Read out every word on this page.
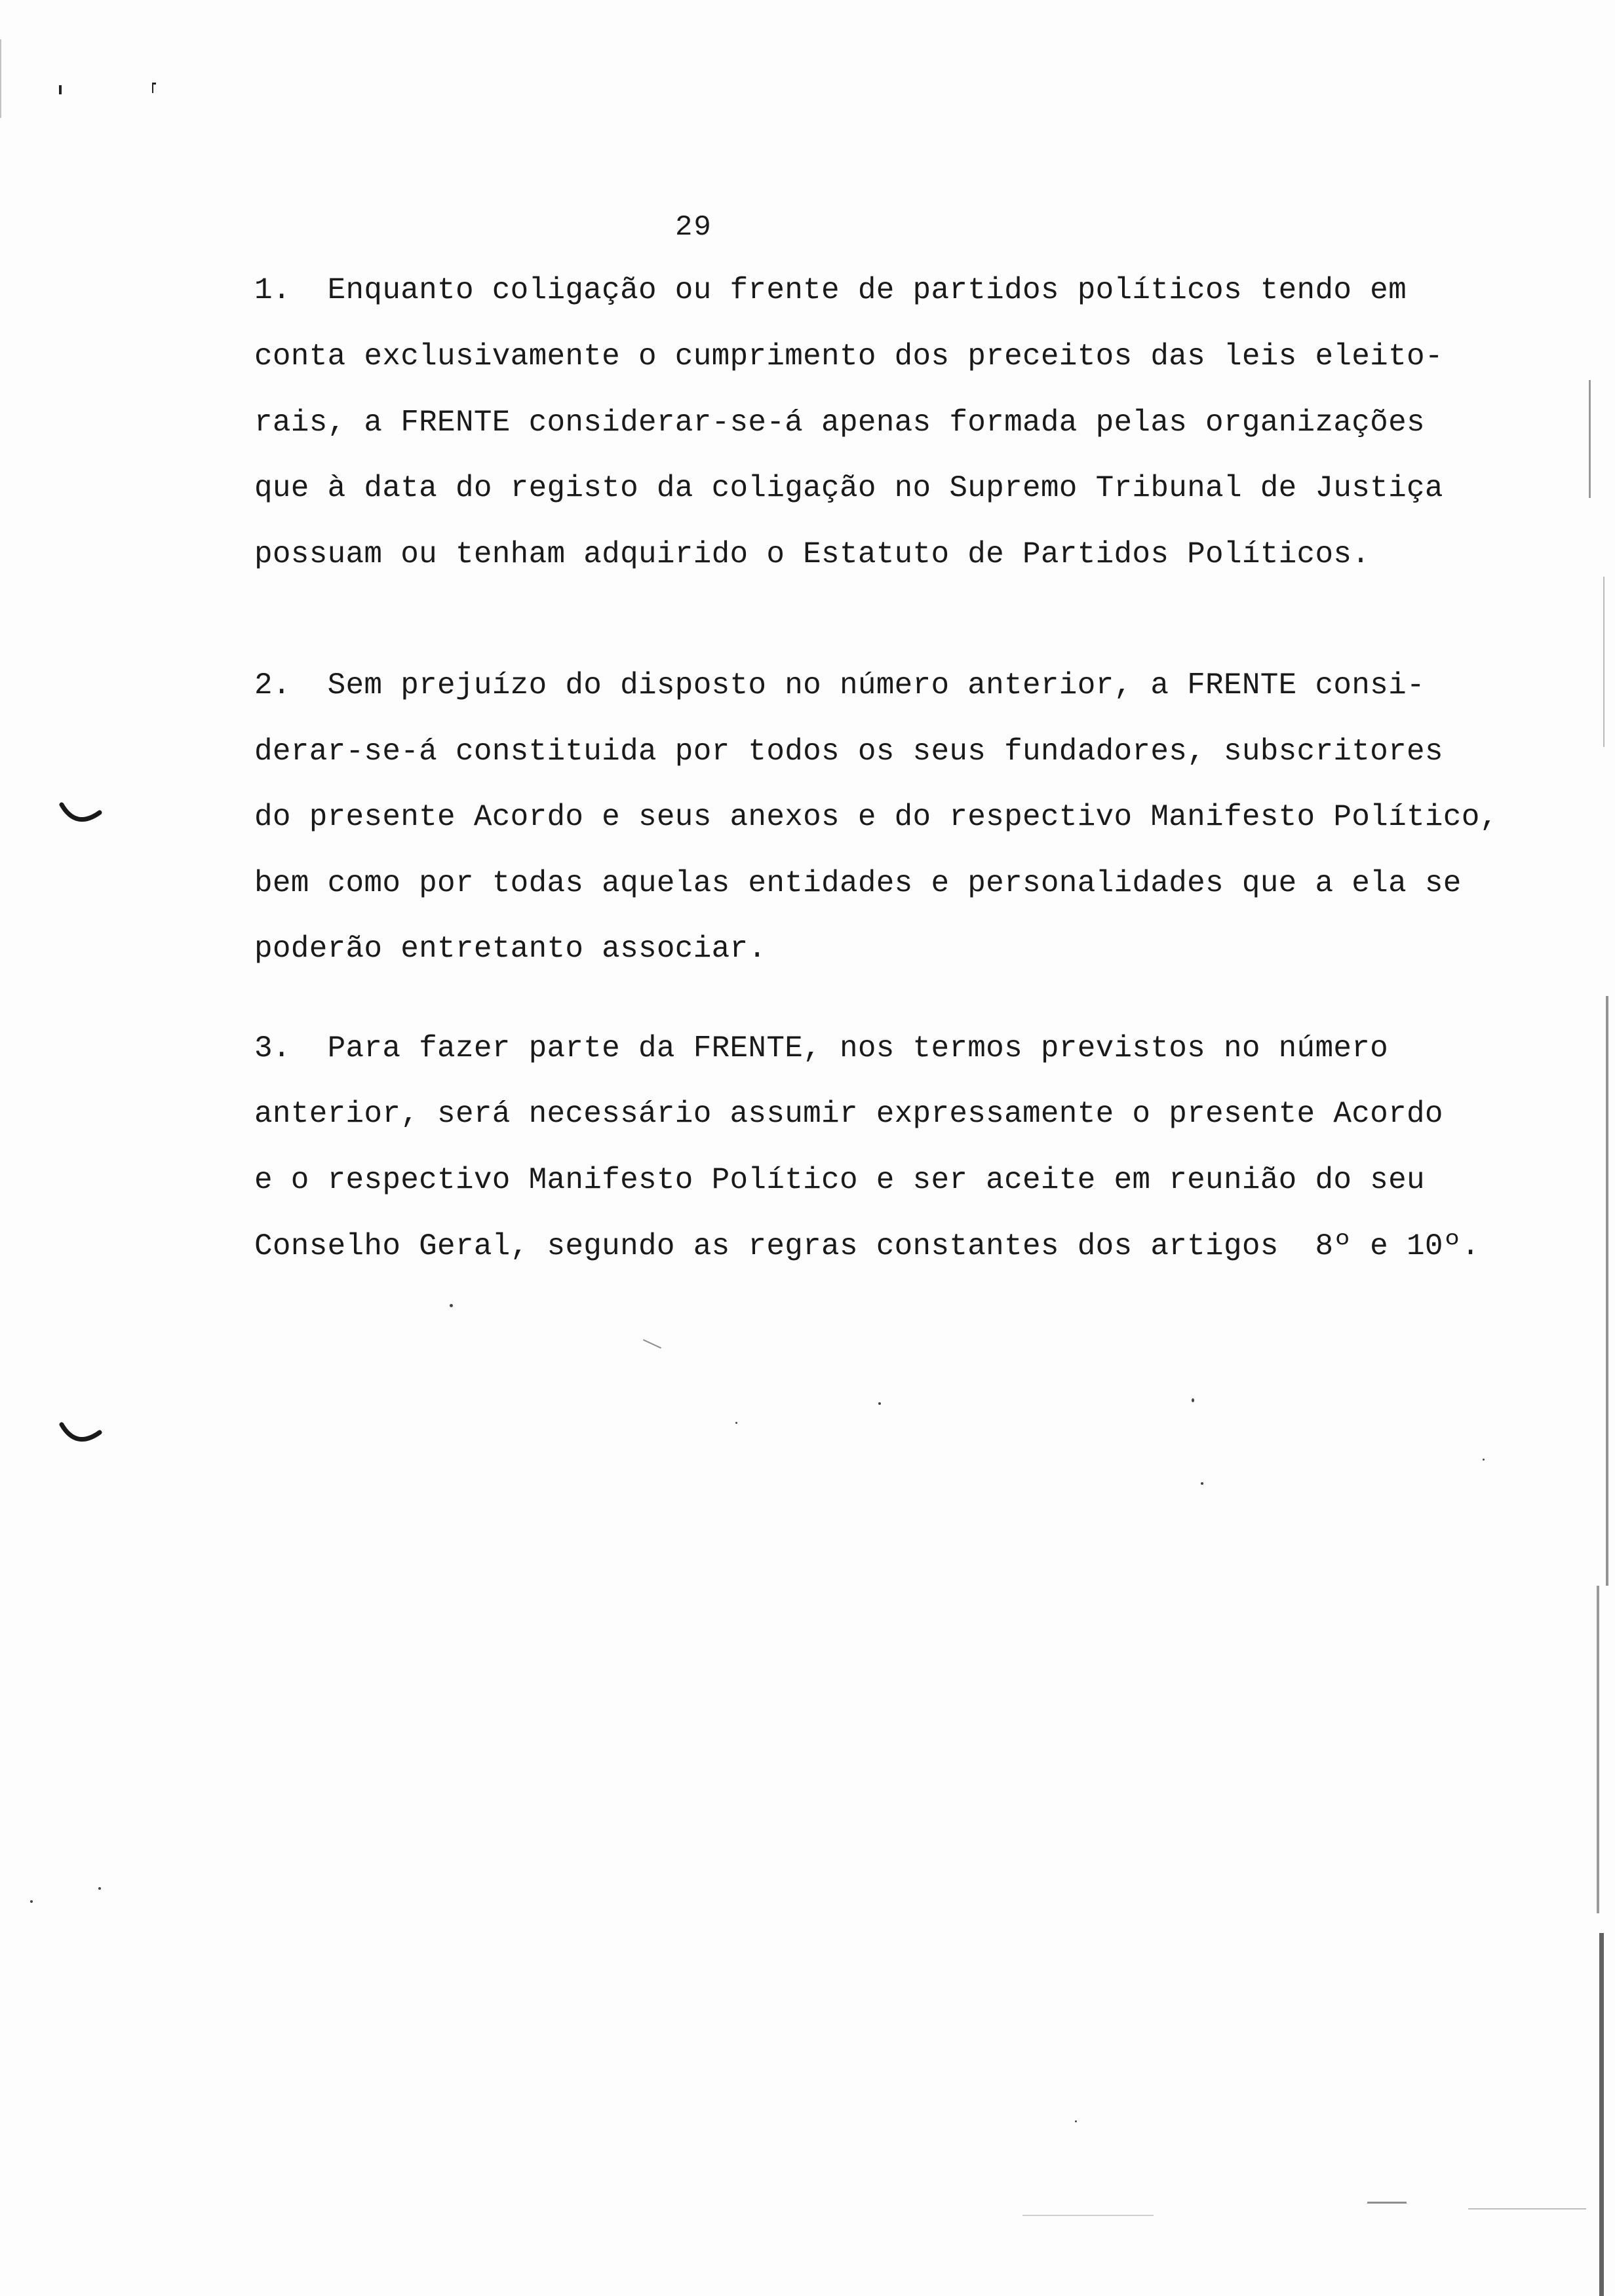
29
1.  Enquanto coligação ou frente de partidos políticos tendo em
conta exclusivamente o cumprimento dos preceitos das leis eleito-
rais, a FRENTE considerar-se-á apenas formada pelas organizações
que à data do registo da coligação no Supremo Tribunal de Justiça
possuam ou tenham adquirido o Estatuto de Partidos Políticos.
2.  Sem prejuízo do disposto no número anterior, a FRENTE consi-
derar-se-á constituida por todos os seus fundadores, subscritores
do presente Acordo e seus anexos e do respectivo Manifesto Político,
bem como por todas aquelas entidades e personalidades que a ela se
poderão entretanto associar.
3.  Para fazer parte da FRENTE, nos termos previstos no número
anterior, será necessário assumir expressamente o presente Acordo
e o respectivo Manifesto Político e ser aceite em reunião do seu
Conselho Geral, segundo as regras constantes dos artigos  8º e 10º.
